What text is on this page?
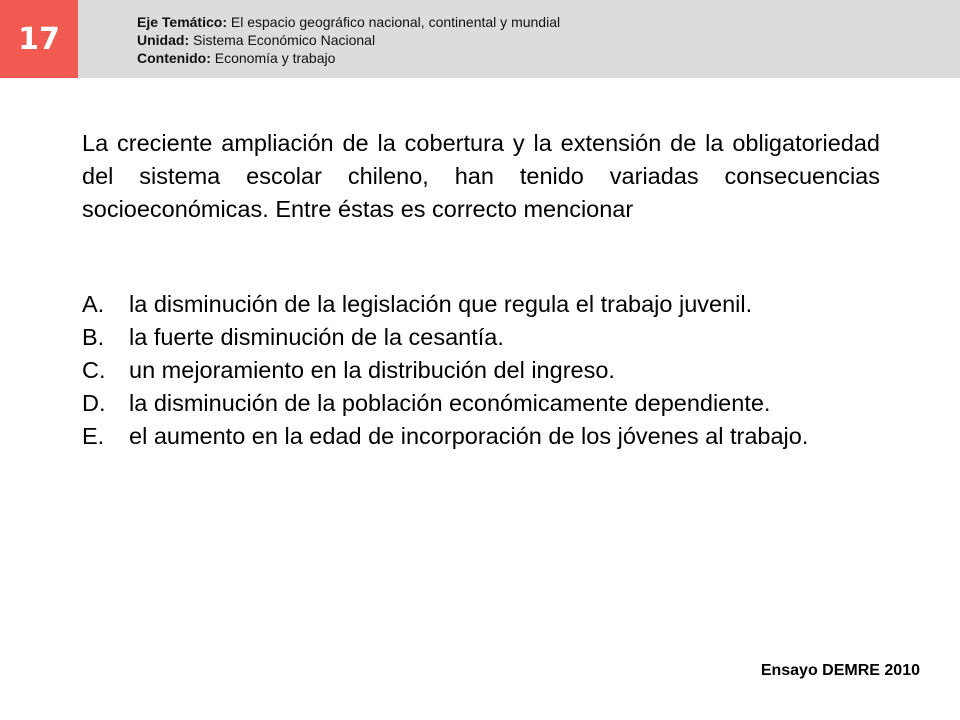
17	Eje Temático: El espacio geográfico nacional, continental y mundial
Unidad: Sistema Económico Nacional
Contenido: Economía y trabajo
La creciente ampliación de la cobertura y la extensión de la obligatoriedad del sistema escolar chileno, han tenido variadas consecuencias socioeconómicas. Entre éstas es correcto mencionar
A.	la disminución de la legislación que regula el trabajo juvenil.
B.	la fuerte disminución de la cesantía.
C.	un mejoramiento en la distribución del ingreso.
D.	la disminución de la población económicamente dependiente.
E.	el aumento en la edad de incorporación de los jóvenes al trabajo.
Ensayo DEMRE 2010
